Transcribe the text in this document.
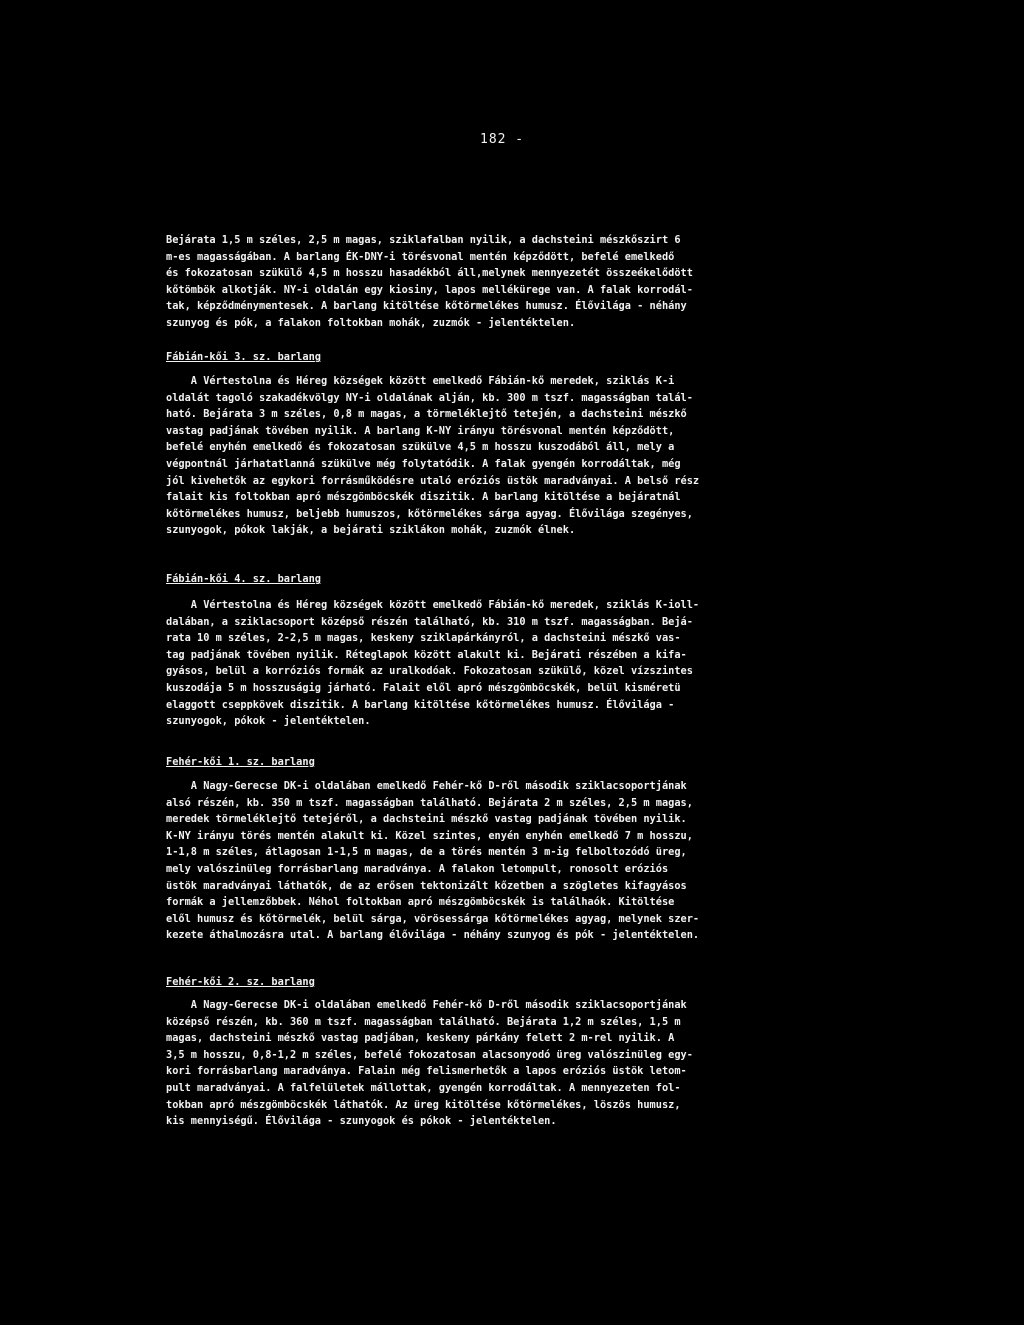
182 -

Bejárata 1,5 m széles, 2,5 m magas, sziklafalban nyilik, a dachsteini mészkőszirt 6
m-es magasságában. A barlang ÉK-DNY-i törésvonal mentén képződött, befelé emelkedő
és fokozatosan szükülő 4,5 m hosszu hasadékból áll,melynek mennyezetét összeékelődött
kőtömbök alkotják. NY-i oldalán egy kiosiny, lapos mellékürege van. A falak korrodál-
tak, képződménymentesek. A barlang kitöltése kőtörmelékes humusz. Élővilága - néhány
szunyog és pók, a falakon foltokban mohák, zuzmók - jelentéktelen.

Fábián-kői 3. sz. barlang

A Vértestolna és Héreg községek között emelkedő Fábián-kő meredek, sziklás K-i
oldalát tagoló szakadékvölgy NY-i oldalának alján, kb. 300 m tszf. magasságban talál-
ható. Bejárata 3 m széles, 0,8 m magas, a törmeléklejtő tetején, a dachsteini mészkő
vastag padjának tövében nyilik. A barlang K-NY irányu törésvonal mentén képződött,
befelé enyhén emelkedő és fokozatosan szükülve 4,5 m hosszu kuszodából áll, mely a
végpontnál járhatatlanná szükülve még folytatódik. A falak gyengén korrodáltak, még
jól kivehetők az egykori forrásműködésre utaló eróziós üstök maradványai. A belső rész
falait kis foltokban apró mészgömböcskék diszitik. A barlang kitöltése a bejáratnál
kőtörmelékes humusz, beljebb humuszos, kőtörmelékes sárga agyag. Élővilága szegényes,
szunyogok, pókok lakják, a bejárati sziklákon mohák, zuzmók élnek.

Fábián-kői 4. sz. barlang

A Vértestolna és Héreg községek között emelkedő Fábián-kő meredek, sziklás K-ioll-
dalában, a sziklacsoport középső részén található, kb. 310 m tszf. magasságban. Bejá-
rata 10 m széles, 2-2,5 m magas, keskeny sziklapárkányról, a dachsteini mészkő vas-
tag padjának tövében nyilik. Réteglapok között alakult ki. Bejárati részében a kifa-
gyásos, belül a korróziós formák az uralkodóak. Fokozatosan szükülő, közel vízszintes
kuszodája 5 m hosszuságig járható. Falait elől apró mészgömböcskék, belül kisméretü
elaggott cseppkövek diszitik. A barlang kitöltése kőtörmelékes humusz. Élővilága -
szunyogok, pókok - jelentéktelen.

Fehér-kői 1. sz. barlang

A Nagy-Gerecse DK-i oldalában emelkedő Fehér-kő D-ről második sziklacsoportjának
alsó részén, kb. 350 m tszf. magasságban található. Bejárata 2 m széles, 2,5 m magas,
meredek törmeléklejtő tetejéről, a dachsteini mészkő vastag padjának tövében nyilik.
K-NY irányu törés mentén alakult ki. Közel szintes, enyén enyhén emelkedő 7 m hosszu,
1-1,8 m széles, átlagosan 1-1,5 m magas, de a törés mentén 3 m-ig felboltozódó üreg,
mely valószinüleg forrásbarlang maradványa. A falakon letompult, ronosolt eróziós
üstök maradványai láthatók, de az erősen tektonizált kőzetben a szögletes kifagyásos
formák a jellemzőbbek. Néhol foltokban apró mészgömböcskék is találhaók. Kitöltése
elől humusz és kőtörmelék, belül sárga, vörösessárga kőtörmelékes agyag, melynek szer-
kezete áthalmozásra utal. A barlang élővilága - néhány szunyog és pók - jelentéktelen.

Fehér-kői 2. sz. barlang

A Nagy-Gerecse DK-i oldalában emelkedő Fehér-kő D-ről második sziklacsoportjának
középső részén, kb. 360 m tszf. magasságban található. Bejárata 1,2 m széles, 1,5 m
magas, dachsteini mészkő vastag padjában, keskeny párkány felett 2 m-rel nyilik. A
3,5 m hosszu, 0,8-1,2 m széles, befelé fokozatosan alacsonyodó üreg valószinüleg egy-
kori forrásbarlang maradványa. Falain még felismerhetők a lapos eróziós üstök letom-
pult maradványai. A falfelületek mállottak, gyengén korrodáltak. A mennyezeten fol-
tokban apró mészgömböcskék láthatók. Az üreg kitöltése kőtörmelékes, löszös humusz,
kis mennyiségű. Élővilága - szunyogok és pókok - jelentéktelen.
